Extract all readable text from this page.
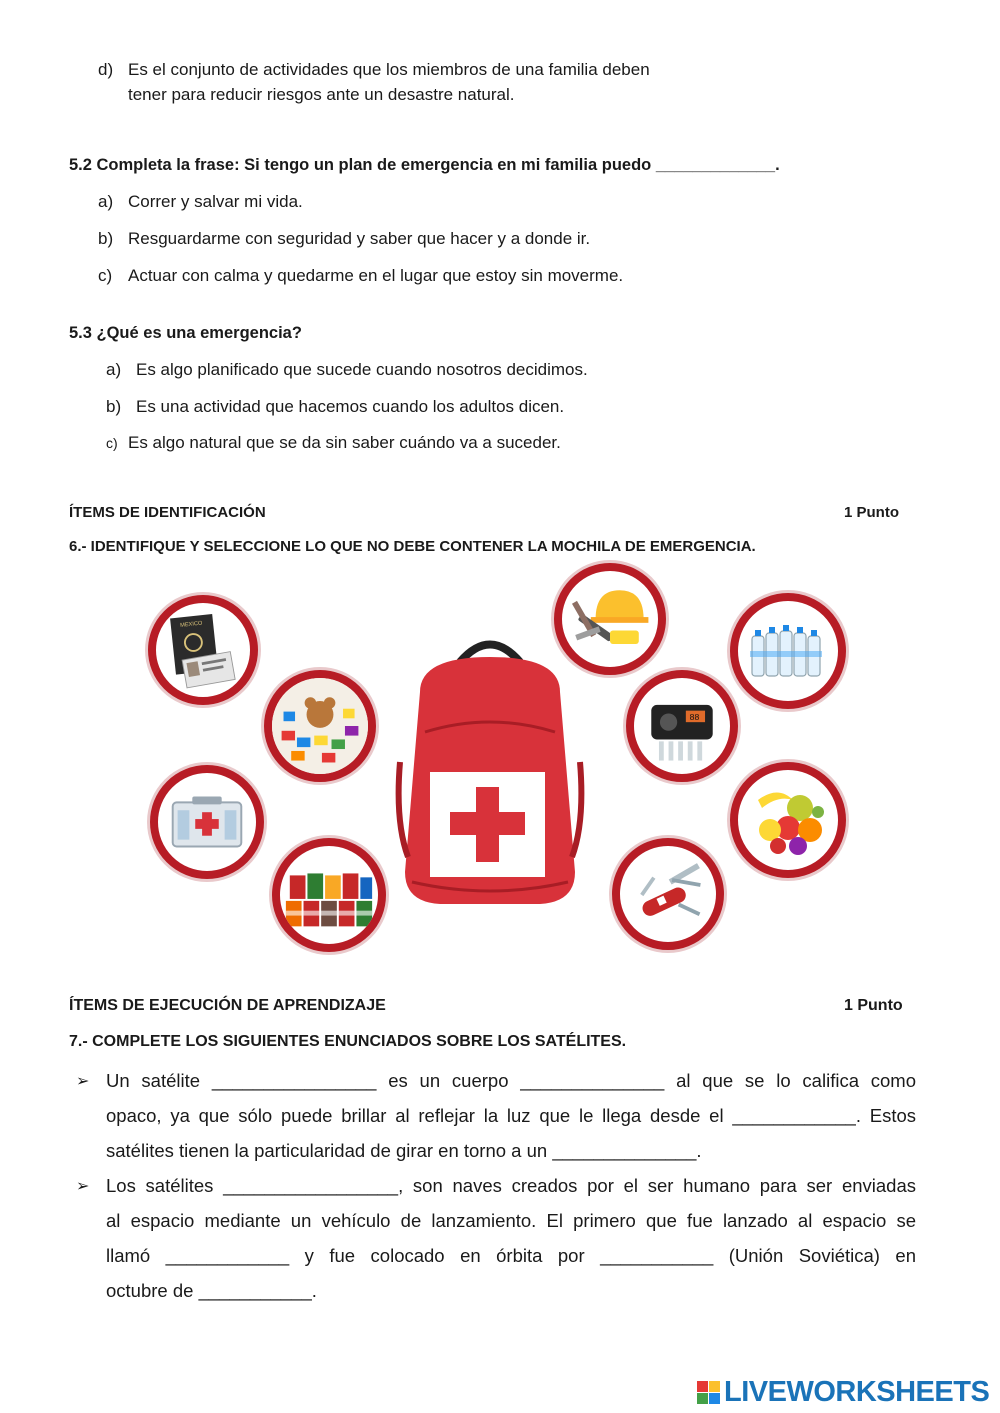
d) Es el conjunto de actividades que los miembros de una familia deben
tener para reducir riesgos ante un desastre natural.
5.2 Completa la frase: Si tengo un plan de emergencia en mi familia puedo _____________.
a) Correr y salvar mi vida.
b) Resguardarme con seguridad y saber que hacer y a donde ir.
c) Actuar con calma y quedarme en el lugar que estoy sin moverme.
5.3 ¿Qué es una emergencia?
a) Es algo planificado que sucede cuando nosotros decidimos.
b) Es una actividad que hacemos cuando los adultos dicen.
c) Es algo natural que se da sin saber cuándo va a suceder.
ÍTEMS DE IDENTIFICACIÓN	1 Punto
6.- IDENTIFIQUE Y SELECCIONE LO QUE NO DEBE CONTENER LA MOCHILA DE EMERGENCIA.
MEXICO
88
ÍTEMS DE EJECUCIÓN DE APRENDIZAJE	1 Punto
7.- COMPLETE LOS SIGUIENTES ENUNCIADOS SOBRE LOS SATÉLITES.
➢ Un satélite ________________ es un cuerpo ______________ al que se lo califica como
opaco, ya que sólo puede brillar al reflejar la luz que le llega desde el ____________. Estos
satélites tienen la particularidad de girar en torno a un ______________.
➢ Los satélites _________________, son naves creados por el ser humano para ser enviadas
al espacio mediante un vehículo de lanzamiento. El primero que fue lanzado al espacio se
llamó ____________ y fue colocado en órbita por ___________ (Unión Soviética) en
octubre de ___________.
LIVEWORKSHEETS
